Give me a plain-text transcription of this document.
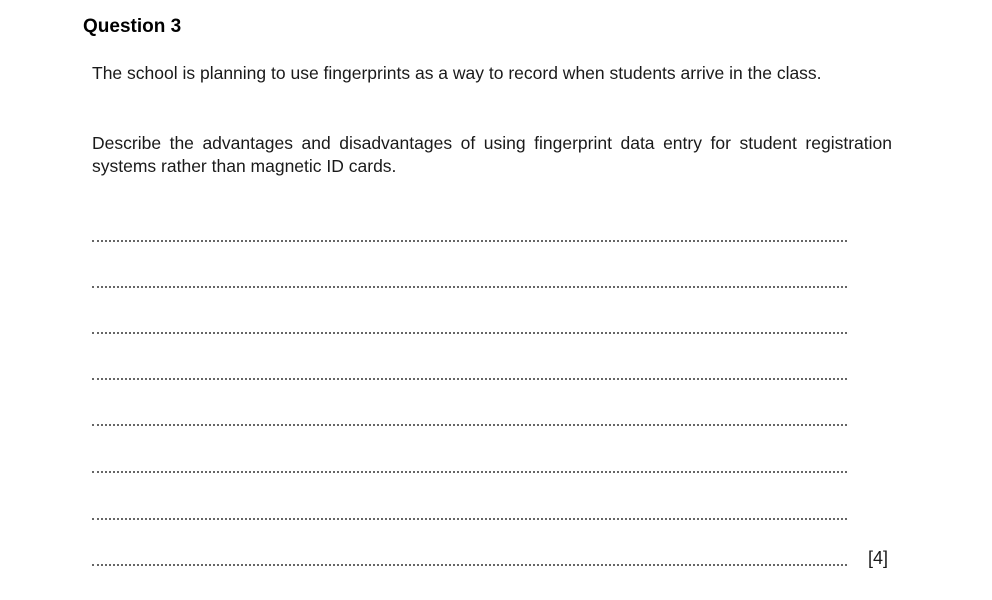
Question 3
The school is planning to use fingerprints as a way to record when students arrive in the class.
Describe the advantages and disadvantages of using fingerprint data entry for student registration systems rather than magnetic ID cards.
[4]
